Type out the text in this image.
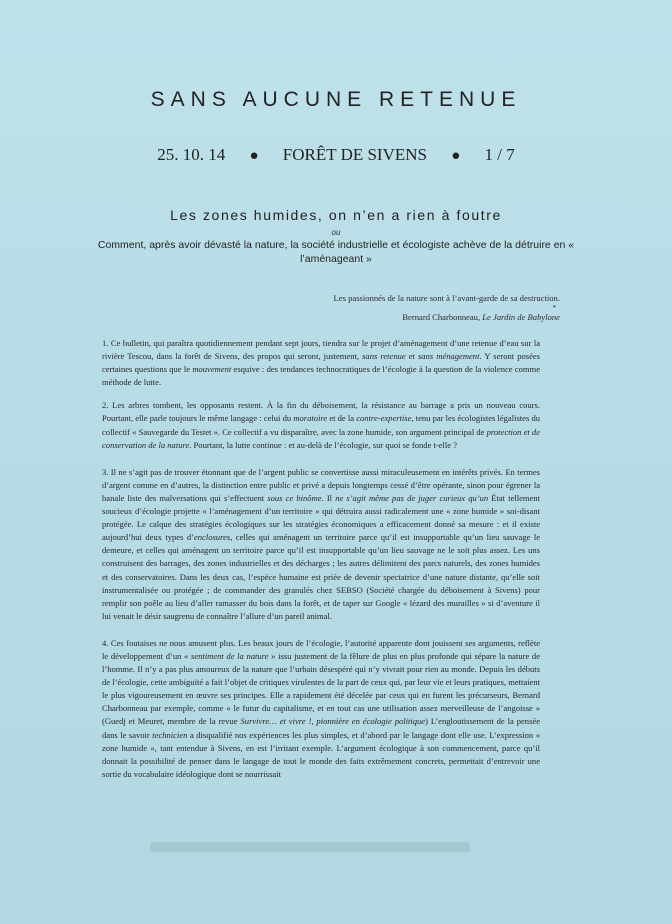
SANS AUCUNE RETENUE
25. 10. 14 ● FORÊT DE SIVENS ● 1 / 7
Les zones humides, on n’en a rien à foutre
ou
Comment, après avoir dévasté la nature, la société industrielle et écologiste achève de la détruire en « l’aménageant »
Les passionnés de la nature sont à l’avant-garde de sa destruction.
*
Bernard Charbonneau, Le Jardin de Babylone

1. Ce bulletin, qui paraîtra quotidiennement pendant sept jours, tiendra sur le projet d’aménagement d’une retenue d’eau sur la rivière Tescou, dans la forêt de Sivens, des propos qui seront, justement, sans retenue et sans ménagement. Y seront posées certaines questions que le mouvement esquive : des tendances technocratiques de l’écologie à la question de la violence comme méthode de lutte.

2. Les arbres tombent, les opposants restent. À la fin du déboisement, la résistance au barrage a pris un nouveau cours. Pourtant, elle parle toujours le même langage : celui du moratoire et de la contre-expertise, tenu par les écologistes légalistes du collectif « Sauvegarde du Testet ». Ce collectif a vu disparaître, avec la zone humide, son argument principal de protection et de conservation de la nature. Pourtant, la lutte continue : et au-delà de l’écologie, sur quoi se fonde t-elle ?

3. Il ne s’agit pas de trouver étonnant que de l’argent public se convertisse aussi miraculeusement en intérêts privés. En termes d’argent comme en d’autres, la distinction entre public et privé a depuis longtemps cessé d’être opérante, sinon pour égrener la banale liste des malversations qui s’effectuent sous ce binôme. Il ne s’agit même pas de juger curieux qu’un État tellement soucieux d’écologie projette « l’aménagement d’un territoire » qui détruira aussi radicalement une « zone humide » soi-disant protégée. Le calque des stratégies écologiques sur les stratégies économiques a efficacement donné sa mesure : et il existe aujourd’hui deux types d’enclosures, celles qui aménagent un territoire parce qu’il est insupportable qu’un lieu sauvage le demeure, et celles qui aménagent un territoire parce qu’il est insupportable qu’un lieu sauvage ne le soit plus assez. Les uns construisent des barrages, des zones industrielles et des décharges ; les autres délimitent des parcs naturels, des zones humides et des conservatoires. Dans les deux cas, l’espèce humaine est priée de devenir spectatrice d’une nature distante, qu’elle soit instrumentalisée ou protégée ; de commander des granulés chez SEBSO (Société chargée du déboisement à Sivens) pour remplir son poêle au lieu d’aller ramasser du bois dans la forêt, et de taper sur Google « lézard des murailles » si d’aventure il lui venait le désir saugrenu de connaître l’allure d’un pareil animal.

4. Ces foutaises ne nous amusent plus. Les beaux jours de l’écologie, l’autorité apparente dont jouissent ses arguments, reflète le développement d’un « sentiment de la nature » issu justement de la fêlure de plus en plus profonde qui sépare la nature de l’homme. Il n’y a pas plus amoureux de la nature que l’urbain désespéré qui n’y vivrait pour rien au monde. Depuis les débuts de l’écologie, cette ambiguïté a fait l’objet de critiques virulentes de la part de ceux qui, par leur vie et leurs pratiques, mettaient le plus vigoureusement en œuvre ses principes. Elle a rapidement été décelée par ceux qui en furent les précurseurs, Bernard Charbonneau par exemple, comme « le futur du capitalisme, et en tout cas une utilisation assez merveilleuse de l’angoisse » (Guedj et Meuret, membre de la revue Survivre… et vivre !, pionnière en écologie politique) L’engloutissement de la pensée dans le savoir technicien a disqualifié nos expériences les plus simples, et d’abord par le langage dont elle use. L’expression « zone humide », tant entendue à Sivens, en est l’irritant exemple. L’argument écologique à son commencement, parce qu’il donnait la possibilité de penser dans le langage de tout le monde des faits extrêmement concrets, permettait d’entrevoir une sortie du vocabulaire idéologique dont se nourrissait
